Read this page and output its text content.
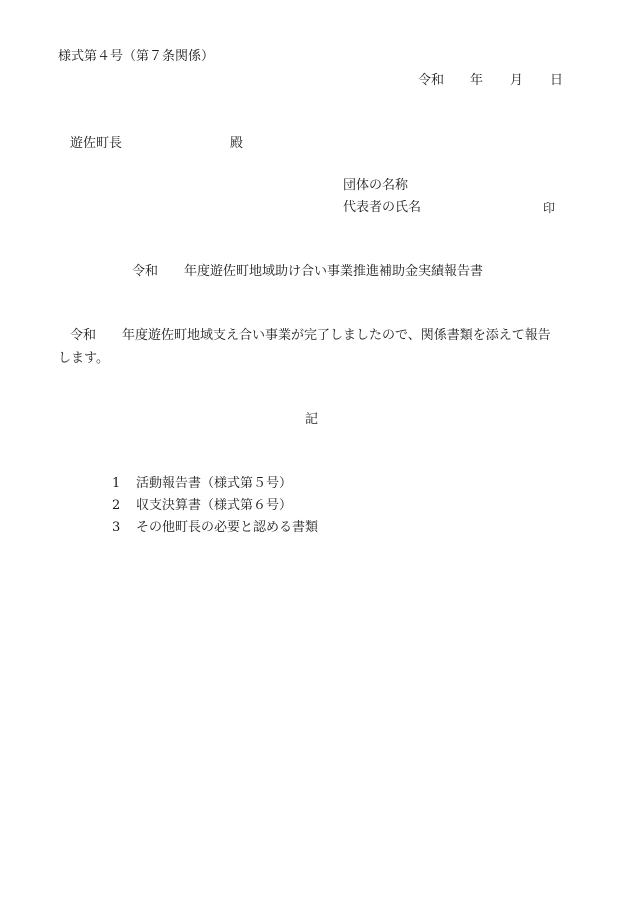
様式第４号（第７条関係）
令和 年 月 日
遊佐町長	殿
団体の名称
代表者の氏名	印
令和 年度遊佐町地域助け合い事業推進補助金実績報告書
令和 年度遊佐町地域支え合い事業が完了しましたので、関係書類を添えて報告
します。
記
1 活動報告書（様式第５号）
2 収支決算書（様式第６号）
3 その他町長の必要と認める書類
